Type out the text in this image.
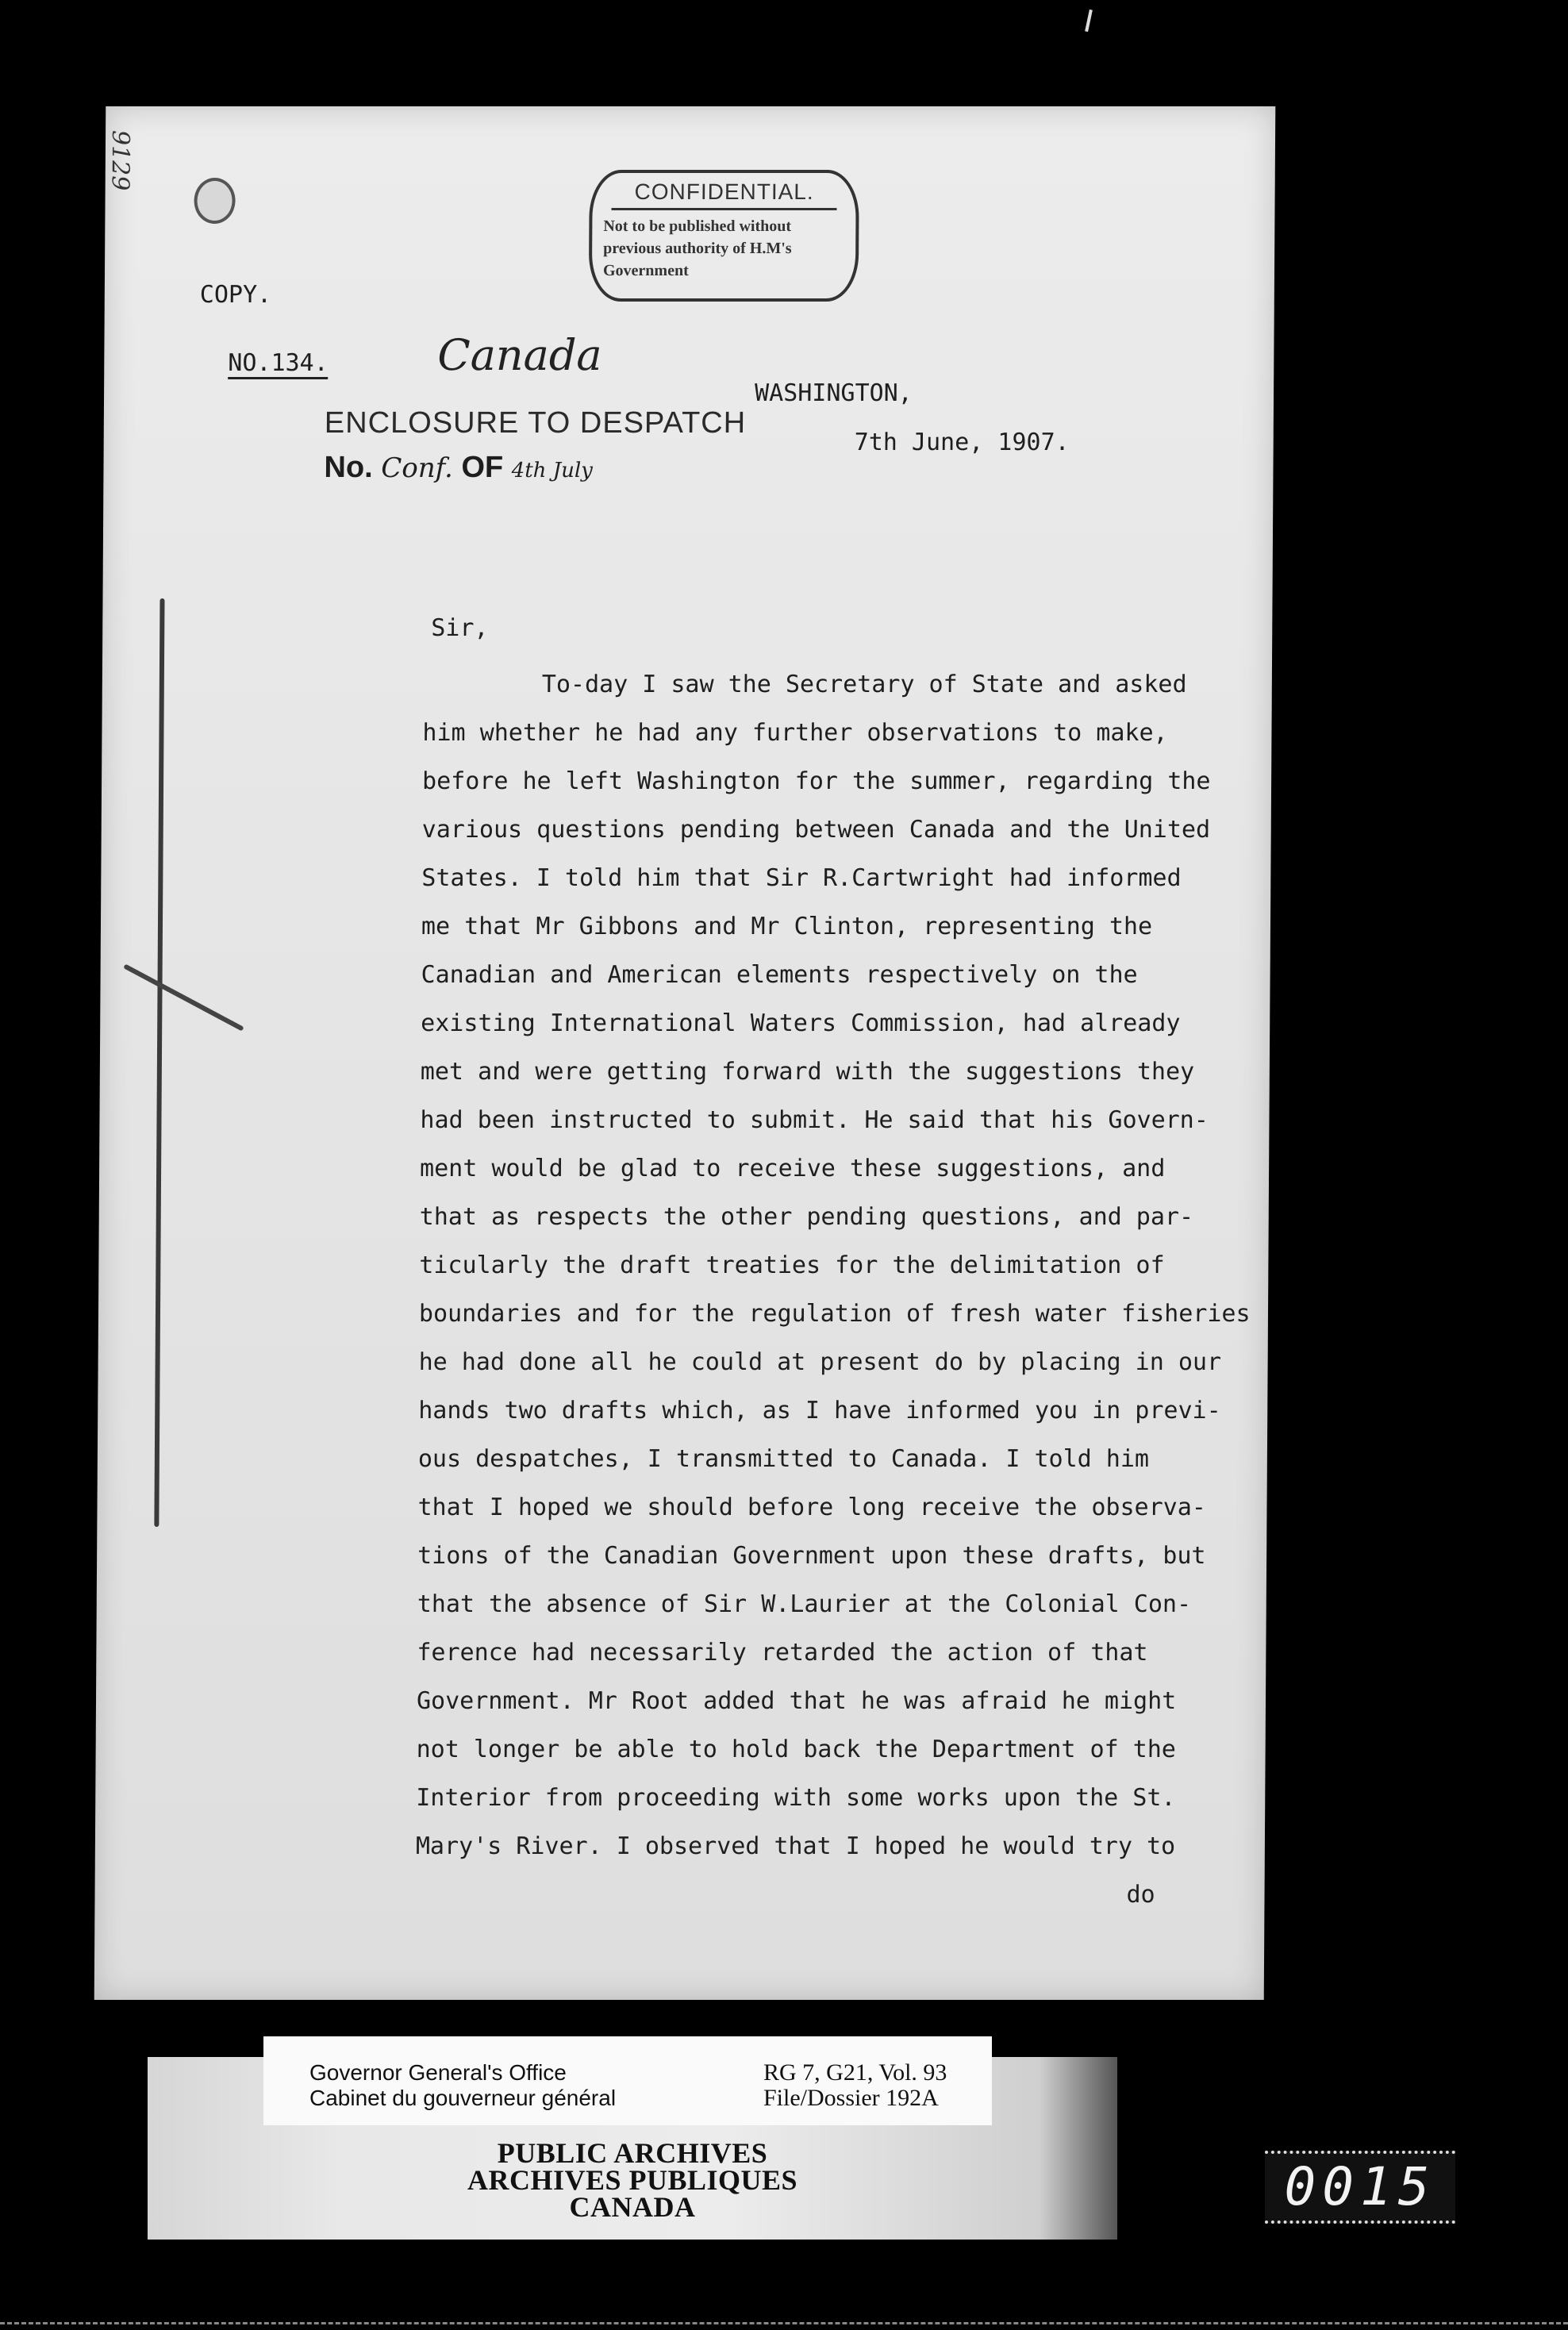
9129
CONFIDENTIAL.
Not to be published without
previous authority of H.M's
Government
COPY.
NO.134.	Canada
WASHINGTON,
7th June, 1907.
ENCLOSURE TO DESPATCH
No. Conf. OF 4th July
Sir,
To-day I saw the Secretary of State and asked
him whether he had any further observations to make,
before he left Washington for the summer, regarding the
various questions pending between Canada and the United
States. I told him that Sir R.Cartwright had informed
me that Mr Gibbons and Mr Clinton, representing the
Canadian and American elements respectively on the
existing International Waters Commission, had already
met and were getting forward with the suggestions they
had been instructed to submit. He said that his Govern-
ment would be glad to receive these suggestions, and
that as respects the other pending questions, and par-
ticularly the draft treaties for the delimitation of
boundaries and for the regulation of fresh water fisheries
he had done all he could at present do by placing in our
hands two drafts which, as I have informed you in previ-
ous despatches, I transmitted to Canada. I told him
that I hoped we should before long receive the observa-
tions of the Canadian Government upon these drafts, but
that the absence of Sir W.Laurier at the Colonial Con-
ference had necessarily retarded the action of that
Government. Mr Root added that he was afraid he might
not longer be able to hold back the Department of the
Interior from proceeding with some works upon the St.
Mary's River. I observed that I hoped he would try to
do
PUBLIC ARCHIVES
ARCHIVES PUBLIQUES
CANADA
Governor General's Office
Cabinet du gouverneur général
RG 7, G21, Vol. 93
File/Dossier 192A
0015
